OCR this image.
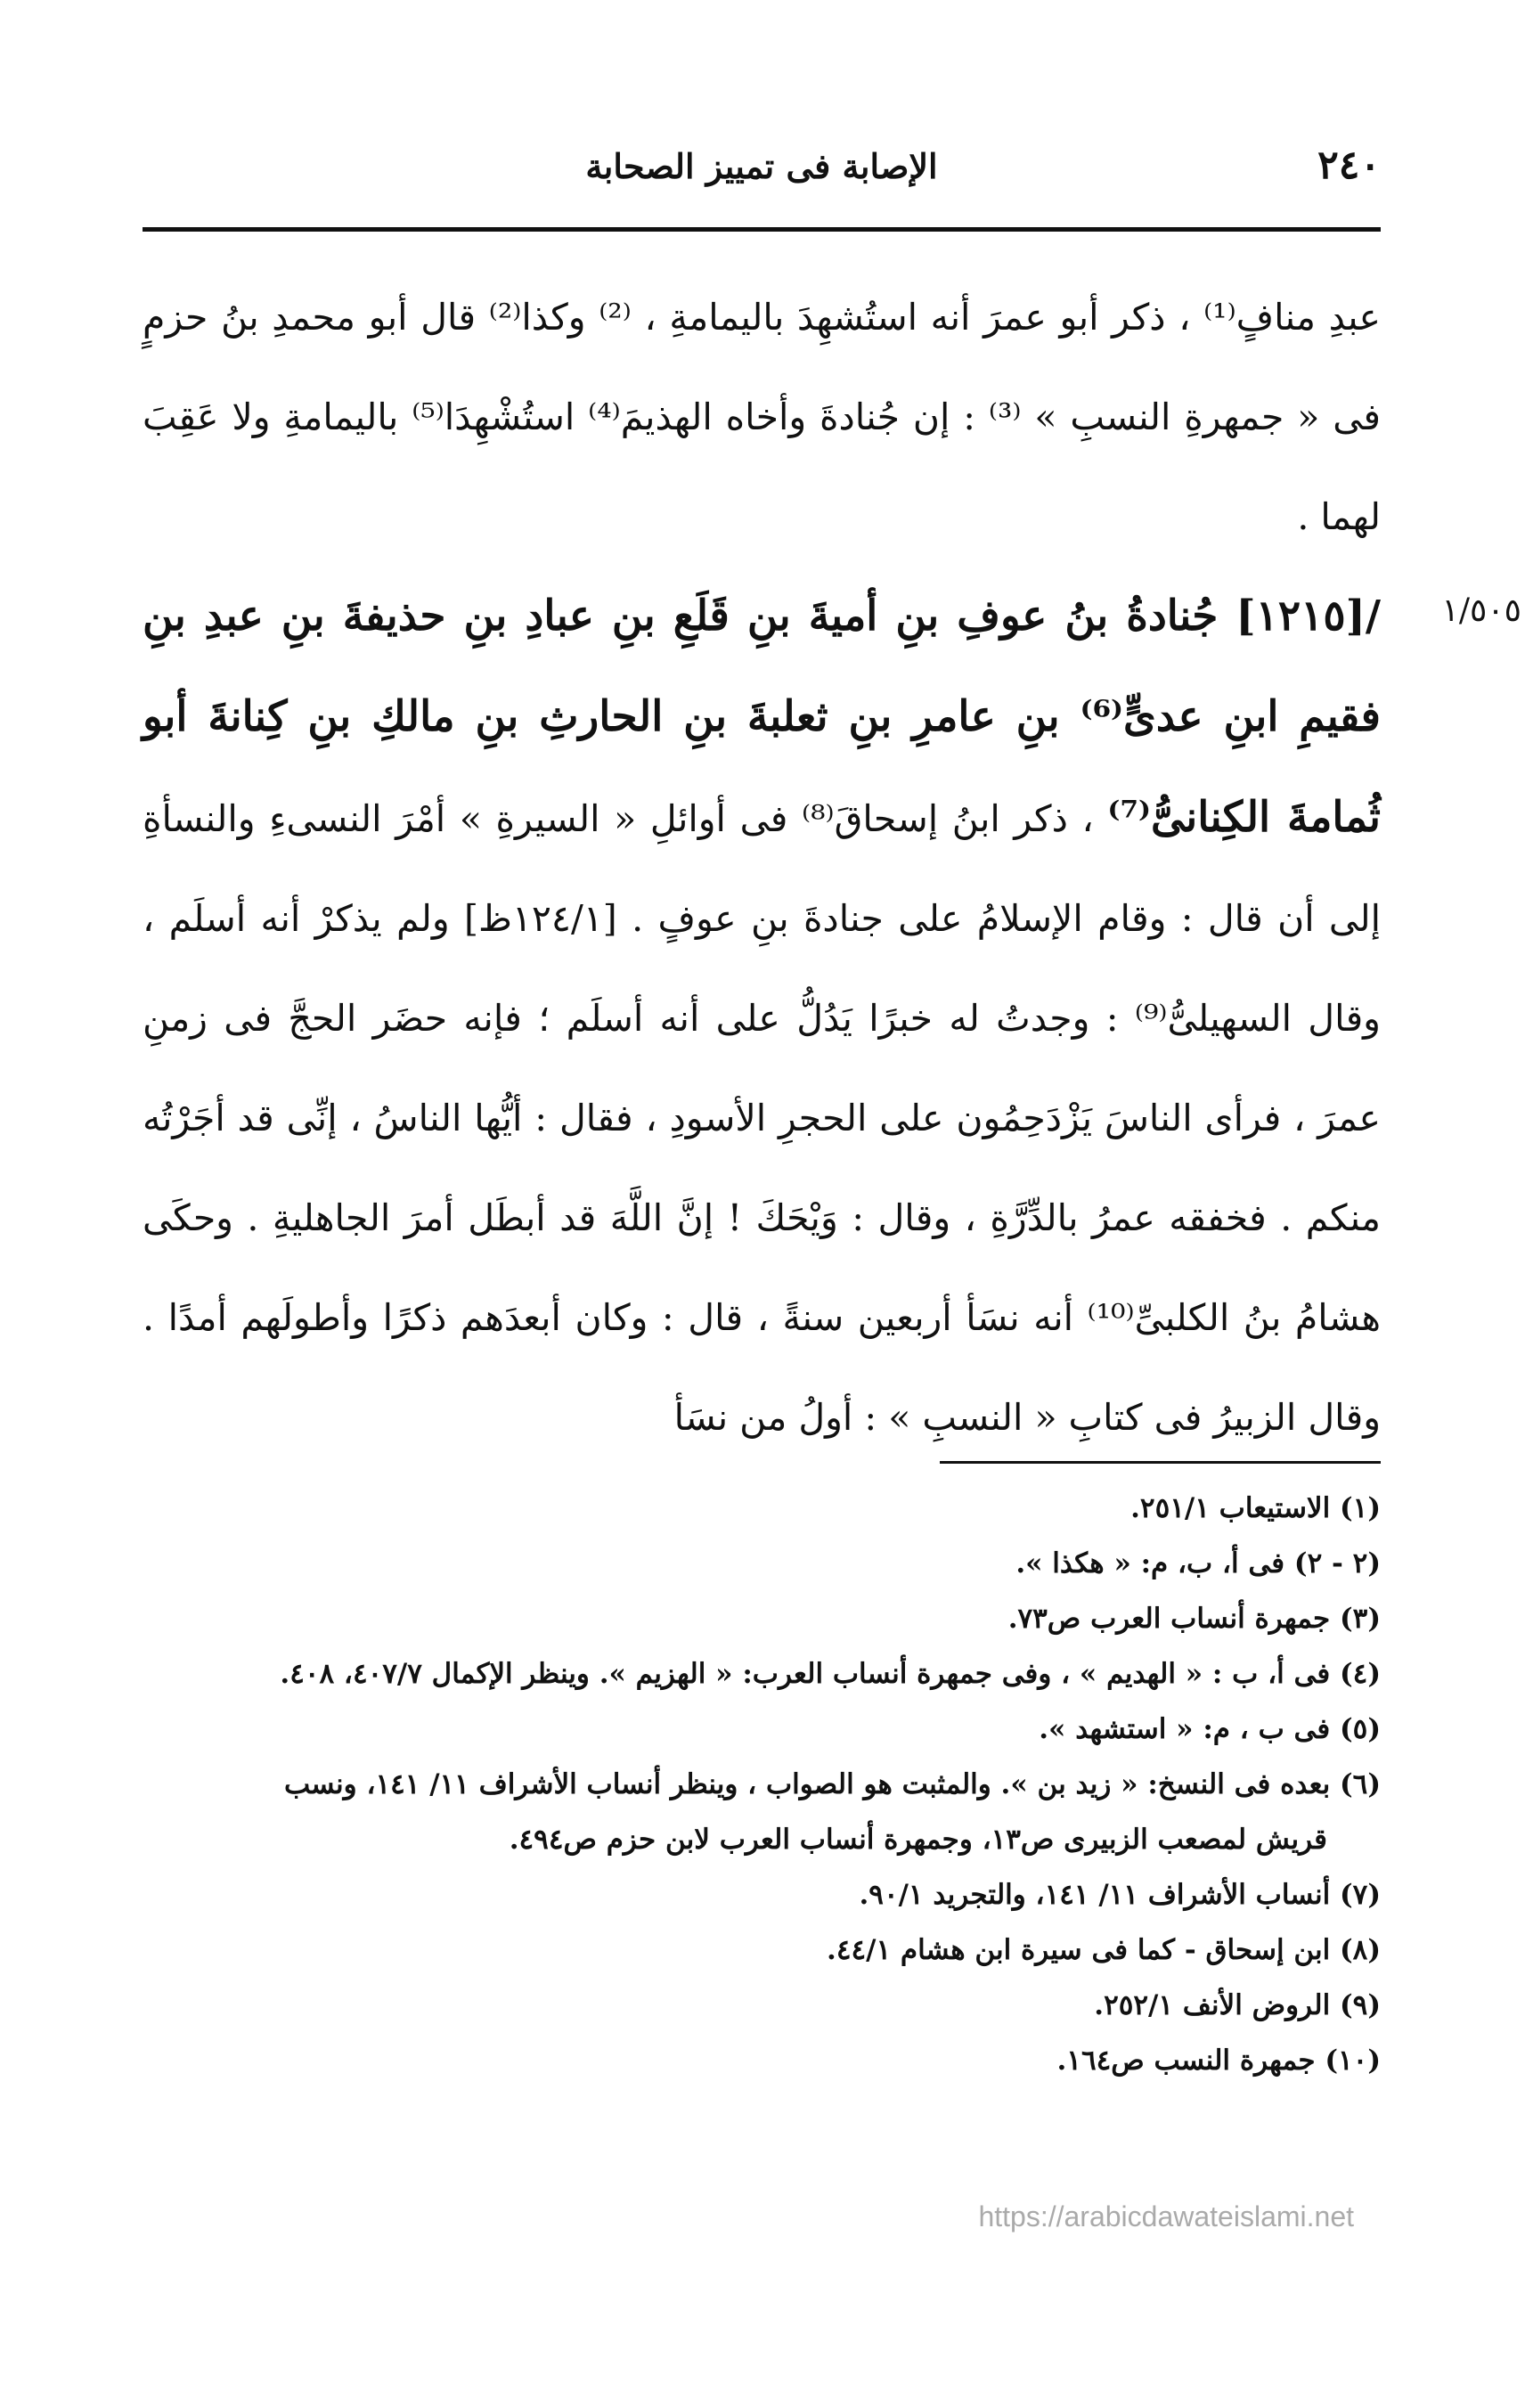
٢٤٠
الإصابة فى تمييز الصحابة
١/٥٠٥

عبدِ منافٍ⁽¹⁾ ، ذكر أبو عمرَ أنه استُشهِدَ باليمامةِ ، ⁽²⁾ وكذا⁽²⁾ قال أبو محمدِ بنُ حزمٍ فى « جمهرةِ النسبِ » ⁽³⁾ : إن جُنادةَ وأخاه الهذيمَ⁽⁴⁾ استُشْهِدَا⁽⁵⁾ باليمامةِ ولا عَقِبَ لهما .

/[١٢١٥] جُنادةُ بنُ عوفِ بنِ أميةَ بنِ قَلَعِ بنِ عبادِ بنِ حذيفةَ بنِ عبدِ بنِ فقيمِ ابنِ عدىٍّ⁽⁶⁾ بنِ عامرِ بنِ ثعلبةَ بنِ الحارثِ بنِ مالكِ بنِ كِنانةَ أبو ثُمامةَ الكِنانىُّ⁽⁷⁾ ، ذكر ابنُ إسحاقَ⁽⁸⁾ فى أوائلِ « السيرةِ » أمْرَ النسىءِ والنسأةِ إلى أن قال : وقام الإسلامُ على جنادةَ بنِ عوفٍ . [١٢٤/١ظ] ولم يذكرْ أنه أسلَم ، وقال السهيلىُّ⁽⁹⁾ : وجدتُ له خبرًا يَدُلُّ على أنه أسلَم ؛ فإنه حضَر الحجَّ فى زمنِ عمرَ ، فرأى الناسَ يَزْدَحِمُون على الحجرِ الأسودِ ، فقال : أيُّها الناسُ ، إنِّى قد أجَرْتُه منكم . فخفقه عمرُ بالدِّرَّةِ ، وقال : وَيْحَكَ ! إنَّ اللَّهَ قد أبطَل أمرَ الجاهليةِ . وحكَى هشامُ بنُ الكلبىِّ⁽¹⁰⁾ أنه نسَأ أربعين سنةً ، قال : وكان أبعدَهم ذكرًا وأطولَهم أمدًا . وقال الزبيرُ فى كتابِ « النسبِ » : أولُ من نسَأ

(١) الاستيعاب ٢٥١/١.

(٢ - ٢) فى أ، ب، م: « هكذا ».

(٣) جمهرة أنساب العرب ص٧٣.

(٤) فى أ، ب : « الهديم » ، وفى جمهرة أنساب العرب: « الهزيم ». وينظر الإكمال ٤٠٧/٧، ٤٠٨.

(٥) فى ب ، م: « استشهد ».

(٦) بعده فى النسخ: « زيد بن ». والمثبت هو الصواب ، وينظر أنساب الأشراف ١١/ ١٤١، ونسب

قريش لمصعب الزبيرى ص١٣، وجمهرة أنساب العرب لابن حزم ص٤٩٤.

(٧) أنساب الأشراف ١١/ ١٤١، والتجريد ٩٠/١.

(٨) ابن إسحاق - كما فى سيرة ابن هشام ٤٤/١.

(٩) الروض الأنف ٢٥٢/١.

(١٠) جمهرة النسب ص١٦٤.

https://arabicdawateislami.net
